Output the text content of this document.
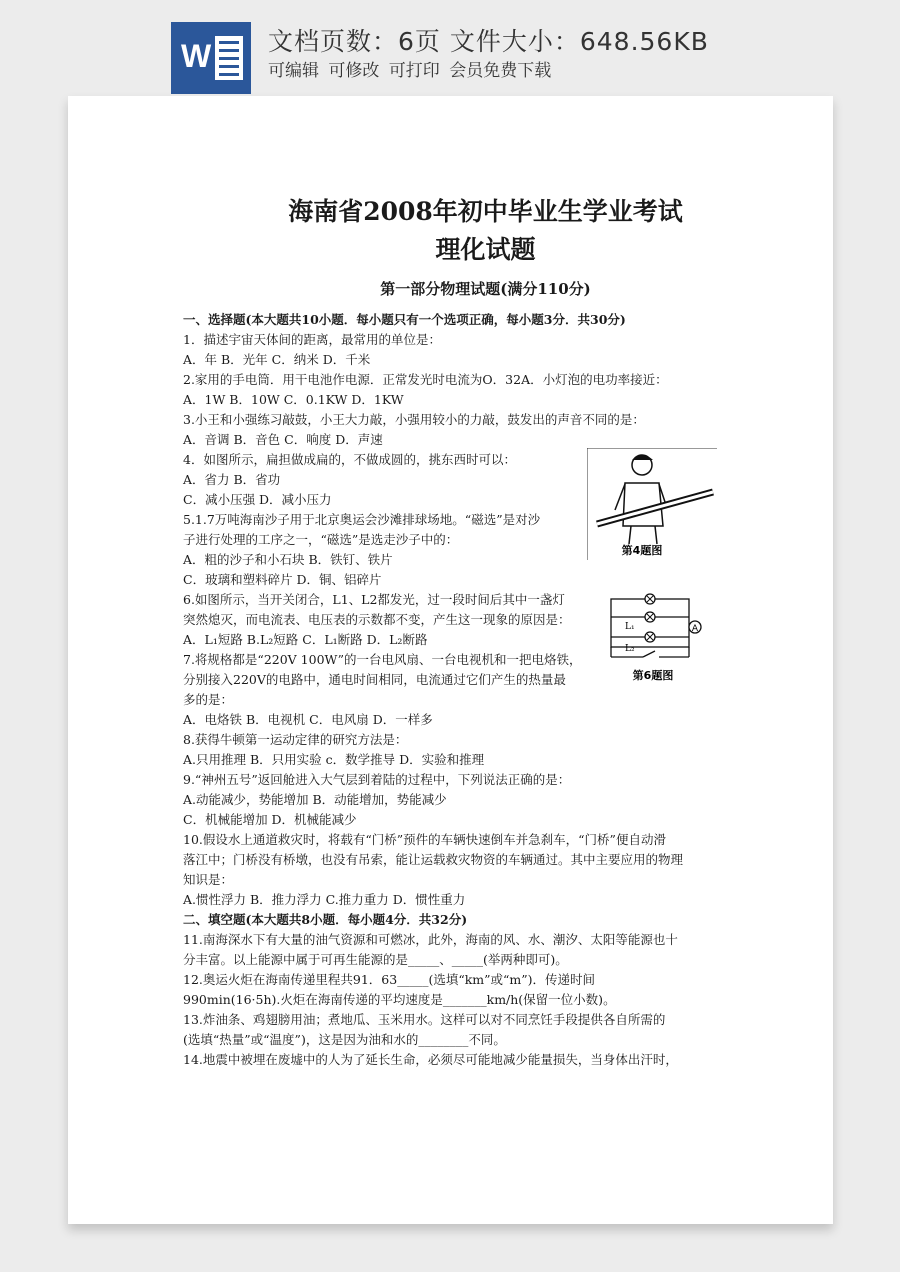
W 文档页数：6页 文件大小：648.56KB
可编辑 可修改 可打印 会员免费下载
海南省2008年初中毕业生学业考试
理化试题
第一部分物理试题(满分110分)
一、选择题(本大题共10小题．每小题只有一个选项正确，每小题3分．共30分)
1．描述宇宙天体间的距离，最常用的单位是：
A．年 B．光年 C．纳米 D．千米
2.家用的手电筒．用干电池作电源．正常发光时电流为O．32A．小灯泡的电功率接近：
A．1W B．10W C．0.1KW D．1KW
3.小王和小强练习敲鼓，小王大力敲，小强用较小的力敲，鼓发出的声音不同的是：
A．音调 B．音色 C．响度 D．声速
4．如图所示，扁担做成扁的，不做成圆的，挑东西时可以：
A．省力 B．省功
C．减小压强 D．减小压力
5.1.7万吨海南沙子用于北京奥运会沙滩排球场地。“磁选”是对沙
子进行处理的工序之一，“磁选”是选走沙子中的：
A．粗的沙子和小石块 B．铁钉、铁片
C．玻璃和塑料碎片 D．铜、铝碎片
6.如图所示，当开关闭合，L1、L2都发光，过一段时间后其中一盏灯
突然熄灭，而电流表、电压表的示数都不变，产生这一现象的原因是：
A．L₁短路 B.L₂短路 C．L₁断路 D．L₂断路
7.将规格都是“220V 100W”的一台电风扇、一台电视机和一把电烙铁，
分别接入220V的电路中，通电时间相同，电流通过它们产生的热量最
多的是：
A．电烙铁 B．电视机 C．电风扇 D．一样多
8.获得牛顿第一运动定律的研究方法是：
A.只用推理 B．只用实验 c．数学推导 D．实验和推理
9.“神州五号”返回舱进入大气层到着陆的过程中，下列说法正确的是：
A.动能减少，势能增加 B．动能增加，势能减少
C．机械能增加 D．机械能减少
10.假设水上通道救灾时，将载有“门桥”预件的车辆快速倒车并急刹车，“门桥”便自动滑
落江中；门桥没有桥墩，也没有吊索，能让运载救灾物资的车辆通过。其中主要应用的物理
知识是：
A.惯性浮力 B．推力浮力 C.推力重力 D．惯性重力
二、填空题(本大题共8小题．每小题4分．共32分)
11.南海深水下有大量的油气资源和可燃冰，此外，海南的风、水、潮汐、太阳等能源也十
分丰富。以上能源中属于可再生能源的是_____、_____(举两种即可)。
12.奥运火炬在海南传递里程共91．63_____(选填“km”或“m”)．传递时间
990min(16·5h).火炬在海南传递的平均速度是_______km/h(保留一位小数)。
13.炸油条、鸡翅膀用油；煮地瓜、玉米用水。这样可以对不同烹饪手段提供各自所需的
(选填“热量”或“温度”)，这是因为油和水的________不同。
14.地震中被埋在废墟中的人为了延长生命，必须尽可能地减少能量损失，当身体出汗时，
第4题图
A
L₁
L₂
第6题图
